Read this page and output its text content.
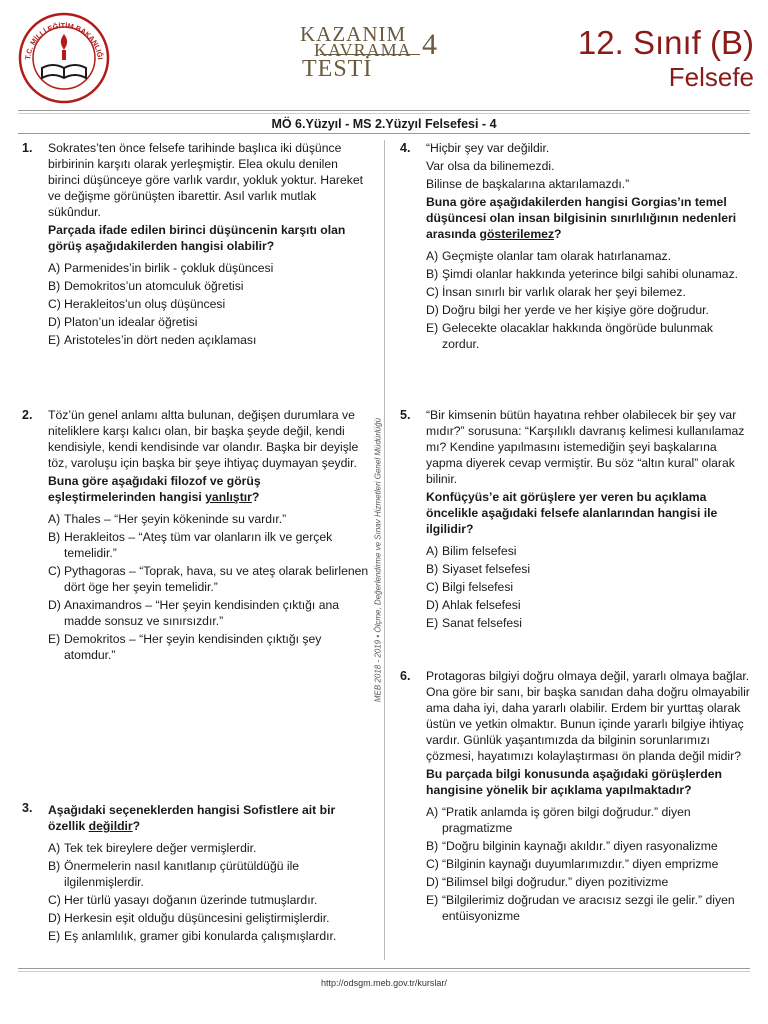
T.C. MİLLİ EĞİTİM BAKANLIĞI
KAZANIM
KAVRAMA
TESTİ
4	12. Sınıf (B)
Felsefe
MÖ 6.Yüzyıl - MS 2.Yüzyıl Felsefesi - 4
MEB 2018 - 2019 • Ölçme, Değerlendirme ve Sınav Hizmetleri Genel Müdürlüğü
1. Sokrates’ten önce felsefe tarihinde başlıca iki düşünce birbirinin karşıtı olarak yerleşmiştir. Elea okulu denilen birinci düşünceye göre varlık vardır, yokluk yoktur. Hareket ve değişme görünüşten ibarettir. Asıl varlık mutlak sükûndur.

Parçada ifade edilen birinci düşüncenin karşıtı olan görüş aşağıdakilerden hangisi olabilir?

A) Parmenides’in birlik - çokluk düşüncesi
B) Demokritos’un atomculuk öğretisi
C) Herakleitos’un oluş düşüncesi
D) Platon’un idealar öğretisi
E) Aristoteles’in dört neden açıklaması
2. Töz’ün genel anlamı altta bulunan, değişen durumlara ve niteliklere karşı kalıcı olan, bir başka şeyde değil, kendi kendisiyle, kendi kendisinde var olandır. Başka bir deyişle töz, varoluşu için başka bir şeye ihtiyaç duymayan şeydir.

Buna göre aşağıdaki filozof ve görüş eşleştirmelerinden hangisi yanlıştır?

A) Thales – “Her şeyin kökeninde su vardır.”
B) Herakleitos – “Ateş tüm var olanların ilk ve gerçek temelidir.”
C) Pythagoras – “Toprak, hava, su ve ateş olarak belirlenen dört öge her şeyin temelidir.”
D) Anaximandros – “Her şeyin kendisinden çıktığı ana madde sonsuz ve sınırsızdır.”
E) Demokritos – “Her şeyin kendisinden çıktığı şey atomdur.”
3. Aşağıdaki seçeneklerden hangisi Sofistlere ait bir özellik değildir?

A) Tek tek bireylere değer vermişlerdir.
B) Önermelerin nasıl kanıtlanıp çürütüldüğü ile ilgilenmişlerdir.
C) Her türlü yasayı doğanın üzerinde tutmuşlardır.
D) Herkesin eşit olduğu düşüncesini geliştirmişlerdir.
E) Eş anlamlılık, gramer gibi konularda çalışmışlardır.
4. “Hiçbir şey var değildir.

Var olsa da bilinemezdi.

Bilinse de başkalarına aktarılamazdı.”

Buna göre aşağıdakilerden hangisi Gorgias’ın temel düşüncesi olan insan bilgisinin sınırlılığının nedenleri arasında gösterilemez?

A) Geçmişte olanlar tam olarak hatırlanamaz.
B) Şimdi olanlar hakkında yeterince bilgi sahibi olunamaz.
C) İnsan sınırlı bir varlık olarak her şeyi bilemez.
D) Doğru bilgi her yerde ve her kişiye göre doğrudur.
E) Gelecekte olacaklar hakkında öngörüde bulunmak zordur.
5. “Bir kimsenin bütün hayatına rehber olabilecek bir şey var mıdır?” sorusuna: “Karşılıklı davranış kelimesi kullanılamaz mı? Kendine yapılmasını istemediğin şeyi başkalarına yapma diyerek cevap vermiştir. Bu söz “altın kural” olarak bilinir.

Konfüçyüs’e ait görüşlere yer veren bu açıklama öncelikle aşağıdaki felsefe alanlarından hangisi ile ilgilidir?

A) Bilim felsefesi
B) Siyaset felsefesi
C) Bilgi felsefesi
D) Ahlak felsefesi
E) Sanat felsefesi
6. Protagoras bilgiyi doğru olmaya değil, yararlı olmaya bağlar. Ona göre bir sanı, bir başka sanıdan daha doğru olmayabilir ama daha iyi, daha yararlı olabilir. Erdem bir yurttaş olarak üstün ve yetkin olmaktır. Bunun içinde yararlı bilgiye ihtiyaç vardır. Günlük yaşantımızda da bilginin sorunlarımızı çözmesi, hayatımızı kolaylaştırması ön planda değil midir?

Bu parçada bilgi konusunda aşağıdaki görüşlerden hangisine yönelik bir açıklama yapılmaktadır?

A) “Pratik anlamda iş gören bilgi doğrudur.” diyen pragmatizme
B) “Doğru bilginin kaynağı akıldır.” diyen rasyonalizme
C) “Bilginin kaynağı duyumlarımızdır.” diyen emprizme
D) “Bilimsel bilgi doğrudur.” diyen pozitivizme
E) “Bilgilerimiz doğrudan ve aracısız sezgi ile gelir.” diyen entüisyonizme
http://odsgm.meb.gov.tr/kurslar/
